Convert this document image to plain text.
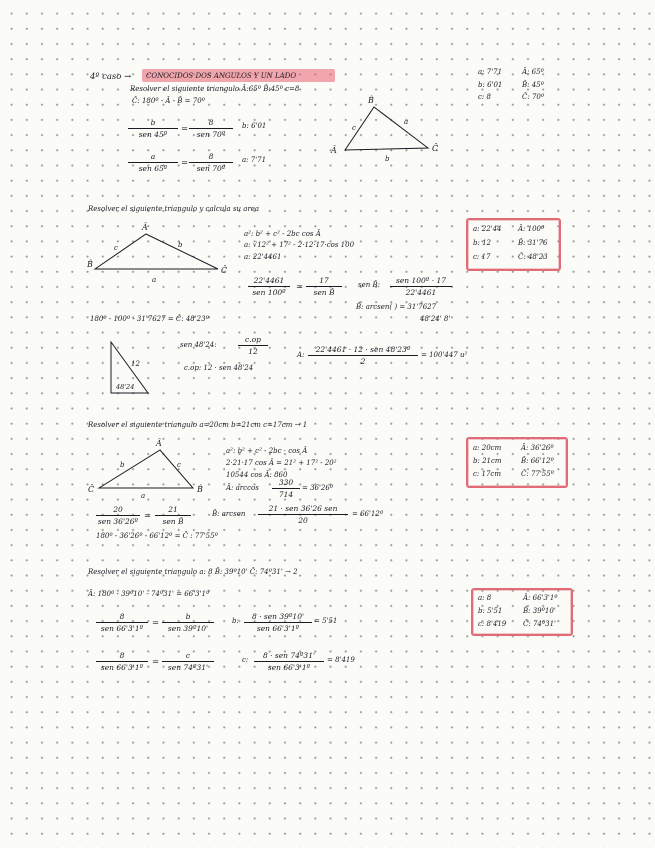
4º caso → CONOCIDOS DOS ANGULOS Y UN LADO
Resolver el siguiente triangulo Â:65º B̂:45º c=8
Ĉ: 180º - Â - B̂ = 70º
b
sen 45º
=
8
sen 70º
b: 6'01
a
sen 65º
=
8
sen 70º
a: 7'71
B̂
Â	Ĉ
c
a
b
a: 7'71	Â: 65º
b: 6'01	B̂: 45º
c: 8	Ĉ: 70º
Resolver el siguiente triangulo y calcula su area
Â
B̂
Ĉ
c	b
a
a²: b² + c² - 2bc cos Â
a: √12² + 17² - 2·12·17·cos 100
a: 22'4461
22'4461
sen 100º
=
17
sen B̂
sen B̂:	sen 100º · 17
22'4461
B̂: arcsen( ) = 31'7627
48'24' 8'
180º - 100º - 31'7627 = Ĉ: 48'23º
12
48'24
sen 48'24:	$\frac{c.op}{12}$
c.op: 12 · sen 48'24
A:
22'4461 · 12 · sen 48'23º
2
= 100'447 u²
a: 22'44 Â: 100º
b: 12	B̂: 31'76
c: 17	Ĉ: 48'23
Resolver el siguiente triangulo a=20cm b=21cm c=17cm → 1
Â
Ĉ	B̂
b	c
a
a²: b² + c² - 2bc · cos Â
2·21·17 cos Â = 21² + 17² - 20²
10544 cos Â: 860
Â: $\arccos \frac{330}{714}$ = 36'26º
20
sen 36'26º
=
21
sen B̂
B̂: arcsen
21 · sen 36'26 sen
20
= 66'12º
180º - 36'26º - 66'12º = Ĉ : 77'55º
a: 20cm	Â: 36'26º
b: 21cm	B̂: 66'12º
c: 17cm	Ĉ: 77'55º
Resolver el siguiente triangulo a: 8 B̂: 39º10' Ĉ: 74º31' → 2
Â: 180º - 39º10' - 74º31' = 66'3'1º
8
sen 66'3'1º
=
b
sen 39º10'
b:	8 · sen 39º10'
sen 66'3'1º
= 5'51
8
sen 66'3'1º
=
c
sen 74º31'
c:	8 · sen 74º31'
sen 66'3'1º
= 8'419
a: 8	Â: 66'3'1º
b: 5'51	B̂: 39º10'
c: 8'419 Ĉ: 74º31'
